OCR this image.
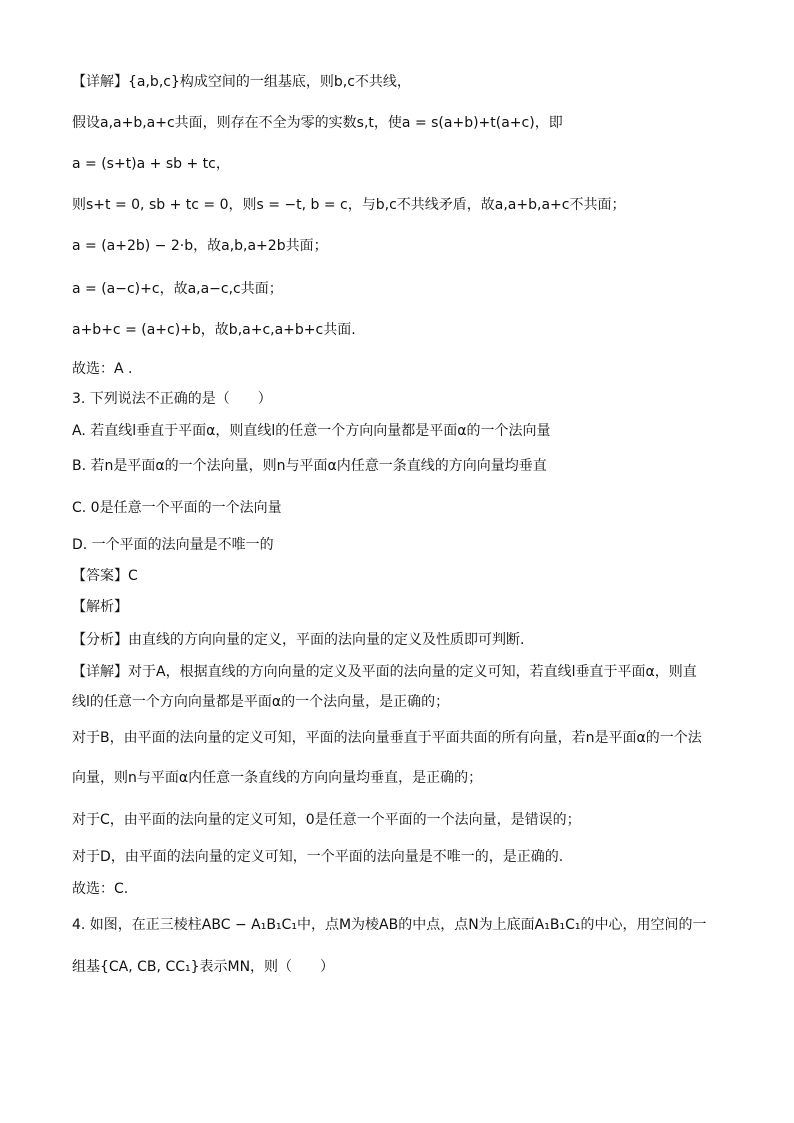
【详解】{a,b,c}构成空间的一组基底，则b,c不共线，
假设a,a+b,a+c共面，则存在不全为零的实数s,t，使a = s(a+b)+t(a+c)，即
a = (s+t)a + sb + tc，
则s+t = 0, sb + tc = 0，则s = −t, b = c，与b,c不共线矛盾，故a,a+b,a+c不共面；
a = (a+2b) − 2·b，故a,b,a+2b共面；
a = (a−c)+c，故a,a−c,c共面；
a+b+c = (a+c)+b，故b,a+c,a+b+c共面.
故选：A .
3. 下列说法不正确的是（　　）
A. 若直线l垂直于平面α，则直线l的任意一个方向向量都是平面α的一个法向量
B. 若n是平面α的一个法向量，则n与平面α内任意一条直线的方向向量均垂直
C. 0是任意一个平面的一个法向量
D. 一个平面的法向量是不唯一的
【答案】C
【解析】
【分析】由直线的方向向量的定义，平面的法向量的定义及性质即可判断.
【详解】对于A，根据直线的方向向量的定义及平面的法向量的定义可知，若直线l垂直于平面α，则直
线l的任意一个方向向量都是平面α的一个法向量，是正确的；
对于B，由平面的法向量的定义可知，平面的法向量垂直于平面共面的所有向量，若n是平面α的一个法
向量，则n与平面α内任意一条直线的方向向量均垂直，是正确的；
对于C，由平面的法向量的定义可知，0是任意一个平面的一个法向量，是错误的；
对于D，由平面的法向量的定义可知，一个平面的法向量是不唯一的，是正确的.
故选：C.
4. 如图，在正三棱柱ABC − A₁B₁C₁中，点M为棱AB的中点，点N为上底面A₁B₁C₁的中心，用空间的一
组基{CA, CB, CC₁}表示MN，则（　　）
